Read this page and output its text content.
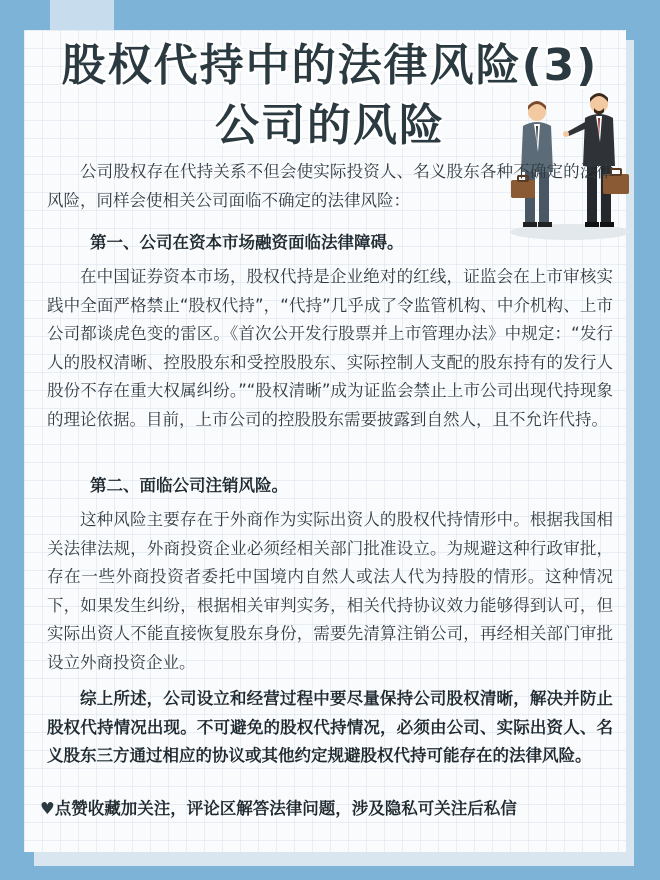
股权代持中的法律风险(3)
公司的风险
公司股权存在代持关系不但会使实际投资人、名义股东各种不确定的法律风险，同样会使相关公司面临不确定的法律风险：
第一、公司在资本市场融资面临法律障碍。
在中国证券资本市场，股权代持是企业绝对的红线，证监会在上市审核实践中全面严格禁止“股权代持”，“代持”几乎成了令监管机构、中介机构、上市公司都谈虎色变的雷区。《首次公开发行股票并上市管理办法》中规定：“发行人的股权清晰、控股股东和受控股股东、实际控制人支配的股东持有的发行人股份不存在重大权属纠纷。”“股权清晰”成为证监会禁止上市公司出现代持现象的理论依据。目前，上市公司的控股股东需要披露到自然人，且不允许代持。
第二、面临公司注销风险。
这种风险主要存在于外商作为实际出资人的股权代持情形中。根据我国相关法律法规，外商投资企业必须经相关部门批准设立。为规避这种行政审批，存在一些外商投资者委托中国境内自然人或法人代为持股的情形。这种情况下，如果发生纠纷，根据相关审判实务，相关代持协议效力能够得到认可，但实际出资人不能直接恢复股东身份，需要先清算注销公司，再经相关部门审批设立外商投资企业。
综上所述，公司设立和经营过程中要尽量保持公司股权清晰，解决并防止股权代持情况出现。不可避免的股权代持情况，必须由公司、实际出资人、名义股东三方通过相应的协议或其他约定规避股权代持可能存在的法律风险。
♥点赞收藏加关注，评论区解答法律问题，涉及隐私可关注后私信
